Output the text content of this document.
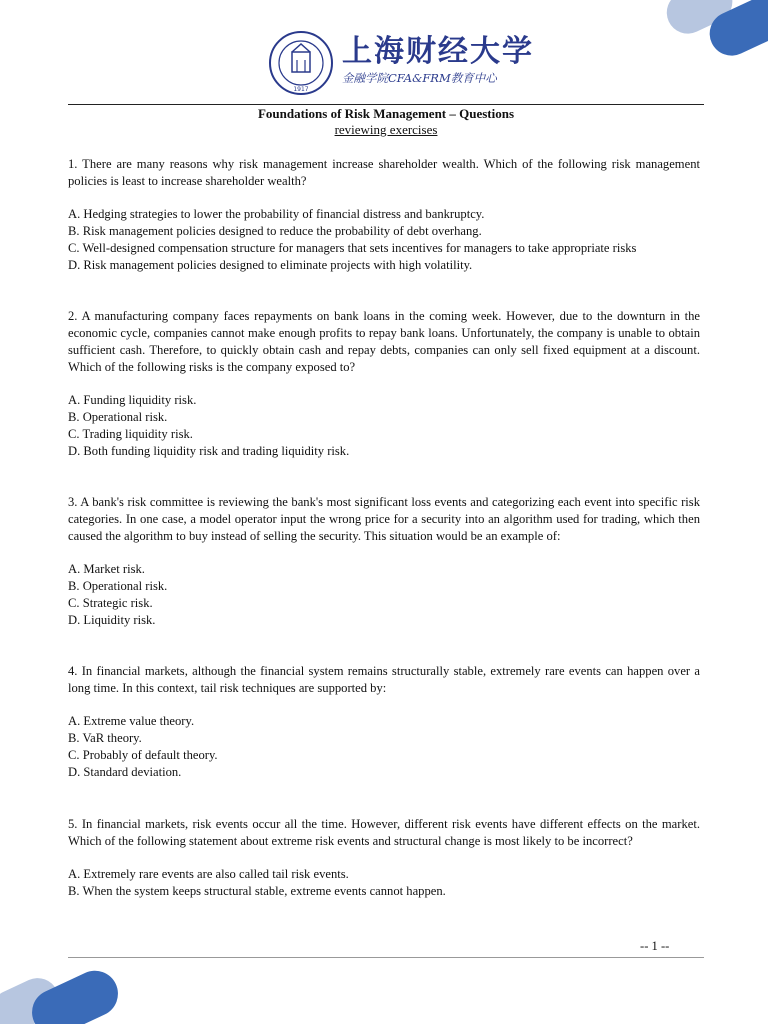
1917
上海财经大学
金融学院CFA&FRM教育中心
Foundations of Risk Management – Questions
reviewing exercises

1. There are many reasons why risk management increase shareholder wealth. Which of the following risk management policies is least to increase shareholder wealth?

A. Hedging strategies to lower the probability of financial distress and bankruptcy.

B. Risk management policies designed to reduce the probability of debt overhang.

C. Well-designed compensation structure for managers that sets incentives for managers to take appropriate risks

D. Risk management policies designed to eliminate projects with high volatility.

2. A manufacturing company faces repayments on bank loans in the coming week. However, due to the downturn in the economic cycle, companies cannot make enough profits to repay bank loans. Unfortunately, the company is unable to obtain sufficient cash. Therefore, to quickly obtain cash and repay debts, companies can only sell fixed equipment at a discount. Which of the following risks is the company exposed to?

A. Funding liquidity risk.

B. Operational risk.

C. Trading liquidity risk.

D. Both funding liquidity risk and trading liquidity risk.

3. A bank's risk committee is reviewing the bank's most significant loss events and categorizing each event into specific risk categories. In one case, a model operator input the wrong price for a security into an algorithm used for trading, which then caused the algorithm to buy instead of selling the security. This situation would be an example of:

A. Market risk.

B. Operational risk.

C. Strategic risk.

D. Liquidity risk.

4. In financial markets, although the financial system remains structurally stable, extremely rare events can happen over a long time. In this context, tail risk techniques are supported by:

A. Extreme value theory.

B. VaR theory.

C. Probably of default theory.

D. Standard deviation.

5. In financial markets, risk events occur all the time. However, different risk events have different effects on the market. Which of the following statement about extreme risk events and structural change is most likely to be incorrect?

A. Extremely rare events are also called tail risk events.

B. When the system keeps structural stable, extreme events cannot happen.

-- 1 --
